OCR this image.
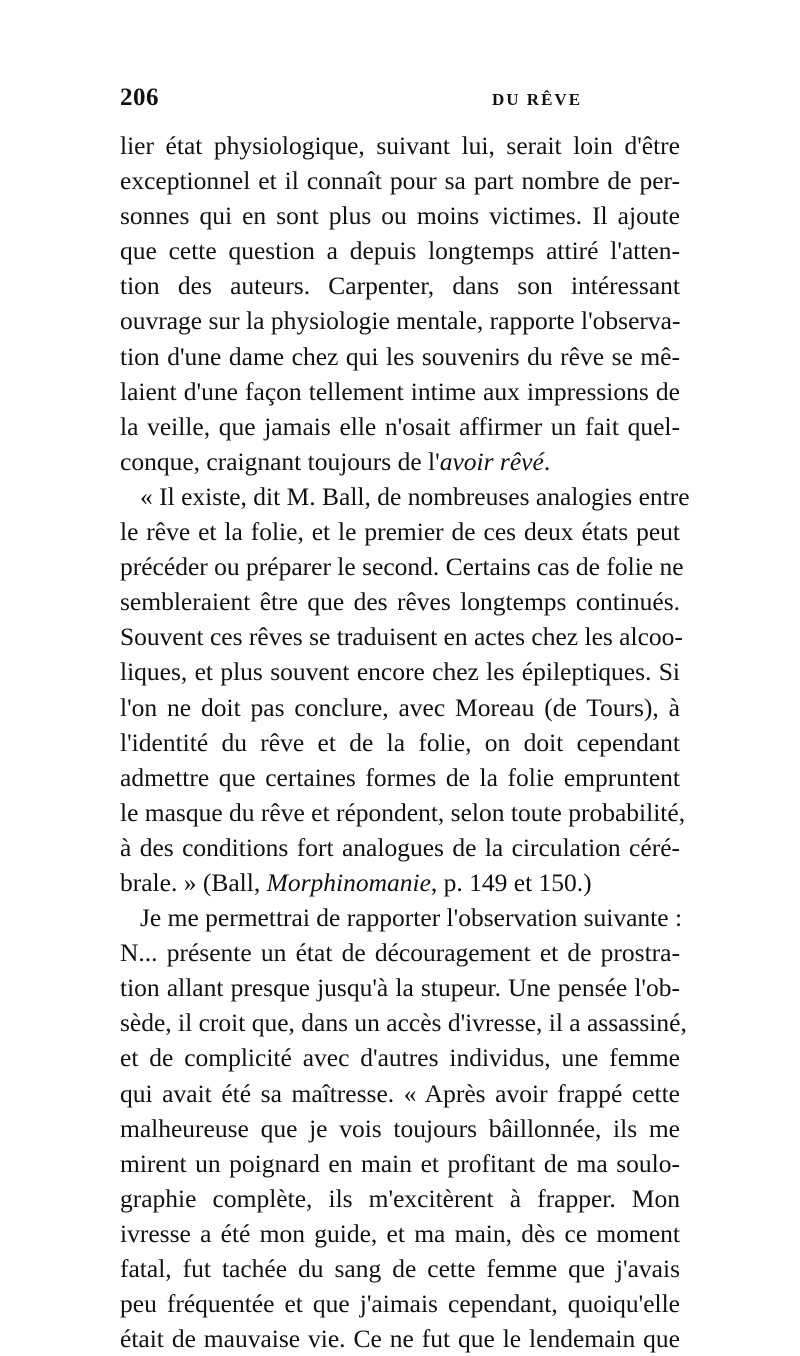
206	DU RÊVE
lier état physiologique, suivant lui, serait loin d'être
exceptionnel et il connaît pour sa part nombre de per-
sonnes qui en sont plus ou moins victimes. Il ajoute
que cette question a depuis longtemps attiré l'atten-
tion des auteurs. Carpenter, dans son intéressant
ouvrage sur la physiologie mentale, rapporte l'observa-
tion d'une dame chez qui les souvenirs du rêve se mê-
laient d'une façon tellement intime aux impressions de
la veille, que jamais elle n'osait affirmer un fait quel-
conque, craignant toujours de l'avoir rêvé.
« Il existe, dit M. Ball, de nombreuses analogies entre
le rêve et la folie, et le premier de ces deux états peut
précéder ou préparer le second. Certains cas de folie ne
sembleraient être que des rêves longtemps continués.
Souvent ces rêves se traduisent en actes chez les alcoo-
liques, et plus souvent encore chez les épileptiques. Si
l'on ne doit pas conclure, avec Moreau (de Tours), à
l'identité du rêve et de la folie, on doit cependant
admettre que certaines formes de la folie empruntent
le masque du rêve et répondent, selon toute probabilité,
à des conditions fort analogues de la circulation céré-
brale. » (Ball, Morphinomanie, p. 149 et 150.)
Je me permettrai de rapporter l'observation suivante :
N... présente un état de découragement et de prostra-
tion allant presque jusqu'à la stupeur. Une pensée l'ob-
sède, il croit que, dans un accès d'ivresse, il a assassiné,
et de complicité avec d'autres individus, une femme
qui avait été sa maîtresse. « Après avoir frappé cette
malheureuse que je vois toujours bâillonnée, ils me
mirent un poignard en main et profitant de ma soulo-
graphie complète, ils m'excitèrent à frapper. Mon
ivresse a été mon guide, et ma main, dès ce moment
fatal, fut tachée du sang de cette femme que j'avais
peu fréquentée et que j'aimais cependant, quoiqu'elle
était de mauvaise vie. Ce ne fut que le lendemain que
